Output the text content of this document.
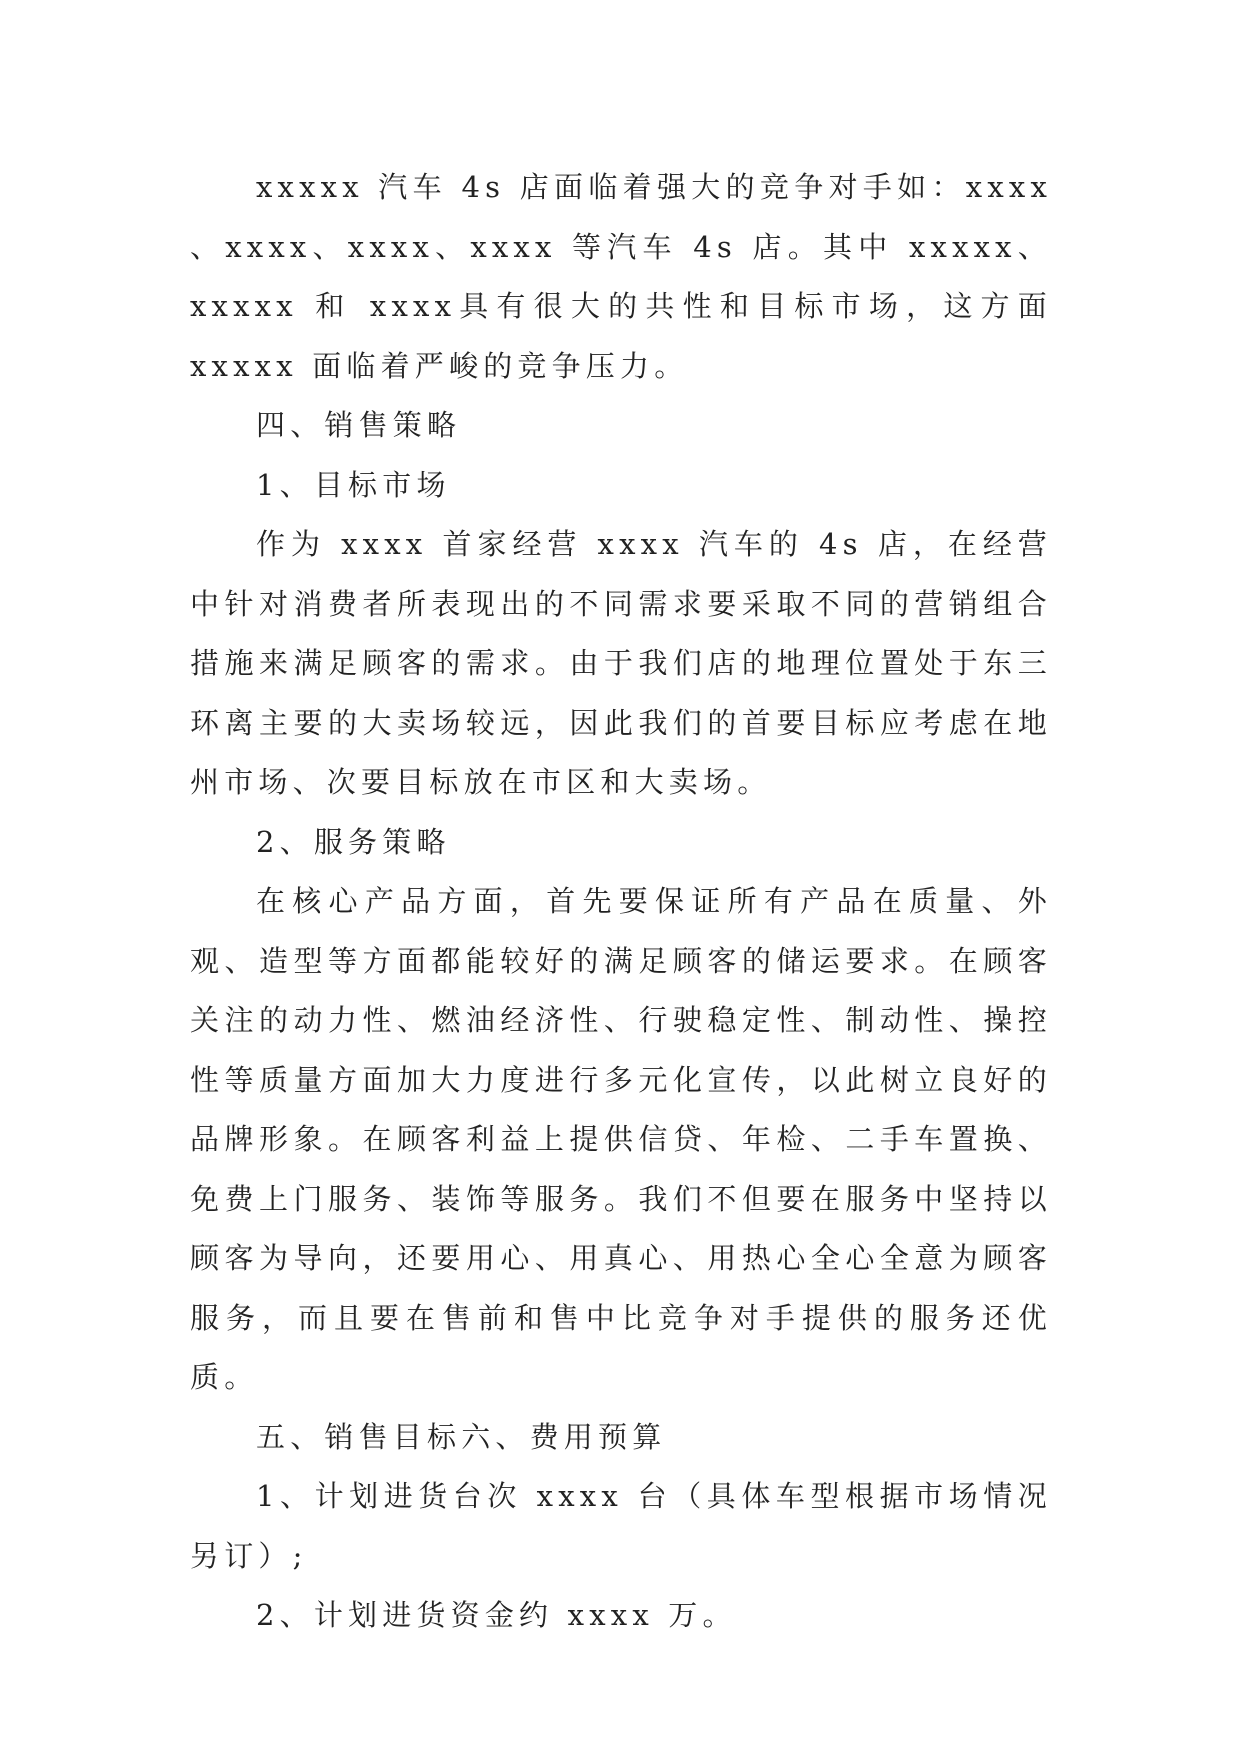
xxxxx 汽车 4s 店面临着强大的竞争对手如：xxxx 、xxxx、xxxx、xxxx 等汽车 4s 店。其中 xxxxx、xxxxx 和 xxxx具有很大的共性和目标市场，这方面 xxxxx 面临着严峻的竞争压力。

四、销售策略

1、目标市场

作为 xxxx 首家经营 xxxx 汽车的 4s 店，在经营中针对消费者所表现出的不同需求要采取不同的营销组合措施来满足顾客的需求。由于我们店的地理位置处于东三环离主要的大卖场较远，因此我们的首要目标应考虑在地州市场、次要目标放在市区和大卖场。

2、服务策略

在核心产品方面，首先要保证所有产品在质量、外观、造型等方面都能较好的满足顾客的储运要求。在顾客关注的动力性、燃油经济性、行驶稳定性、制动性、操控性等质量方面加大力度进行多元化宣传，以此树立良好的品牌形象。在顾客利益上提供信贷、年检、二手车置换、免费上门服务、装饰等服务。我们不但要在服务中坚持以顾客为导向，还要用心、用真心、用热心全心全意为顾客服务，而且要在售前和售中比竞争对手提供的服务还优质。

五、销售目标六、费用预算

1、计划进货台次 xxxx 台（具体车型根据市场情况另订）;

2、计划进货资金约 xxxx 万。
